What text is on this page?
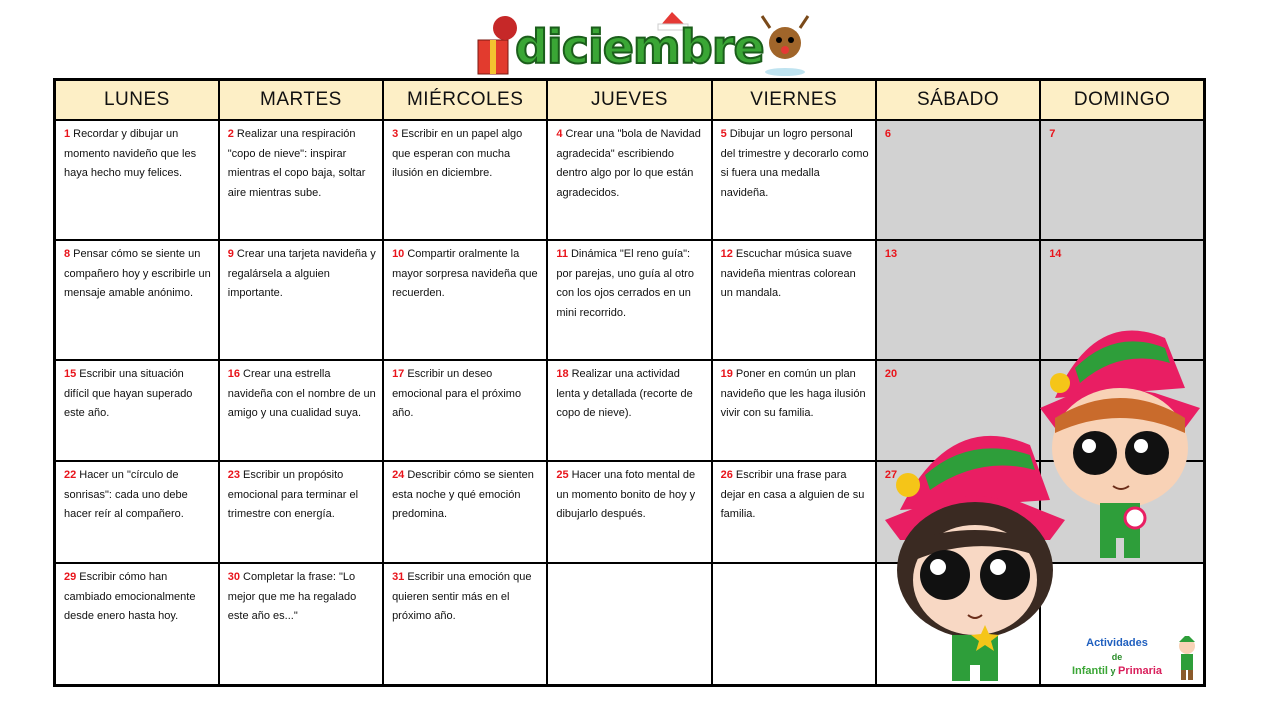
diciembre
LUNES	MARTES	MIÉRCOLES	JUEVES	VIERNES	SÁBADO	DOMINGO
1 Recordar y dibujar un momento navideño que les haya hecho muy felices.	2 Realizar una respiración "copo de nieve": inspirar mientras el copo baja, soltar aire mientras sube.	3 Escribir en un papel algo que esperan con mucha ilusión en diciembre.	4 Crear una "bola de Navidad agradecida" escribiendo dentro algo por lo que están agradecidos.	5 Dibujar un logro personal del trimestre y decorarlo como si fuera una medalla navideña.	6	7
8 Pensar cómo se siente un compañero hoy y escribirle un mensaje amable anónimo.	9 Crear una tarjeta navideña y regalársela a alguien importante.	10 Compartir oralmente la mayor sorpresa navideña que recuerden.	11 Dinámica "El reno guía": por parejas, uno guía al otro con los ojos cerrados en un mini recorrido.	12 Escuchar música suave navideña mientras colorean un mandala.	13	14
15 Escribir una situación difícil que hayan superado este año.	16 Crear una estrella navideña con el nombre de un amigo y una cualidad suya.	17 Escribir un deseo emocional para el próximo año.	18 Realizar una actividad lenta y detallada (recorte de copo de nieve).	19 Poner en común un plan navideño que les haga ilusión vivir con su familia.	20	
22 Hacer un "círculo de sonrisas": cada uno debe hacer reír al compañero.	23 Escribir un propósito emocional para terminar el trimestre con energía.	24 Describir cómo se sienten esta noche y qué emoción predomina.	25 Hacer una foto mental de un momento bonito de hoy y dibujarlo después.	26 Escribir una frase para dejar en casa a alguien de su familia.	27	
29 Escribir cómo han cambiado emocionalmente desde enero hasta hoy.	30 Completar la frase: "Lo mejor que me ha regalado este año es..."	31 Escribir una emoción que quieren sentir más en el próximo año.				
Actividades
de
Infantil y Primaria
